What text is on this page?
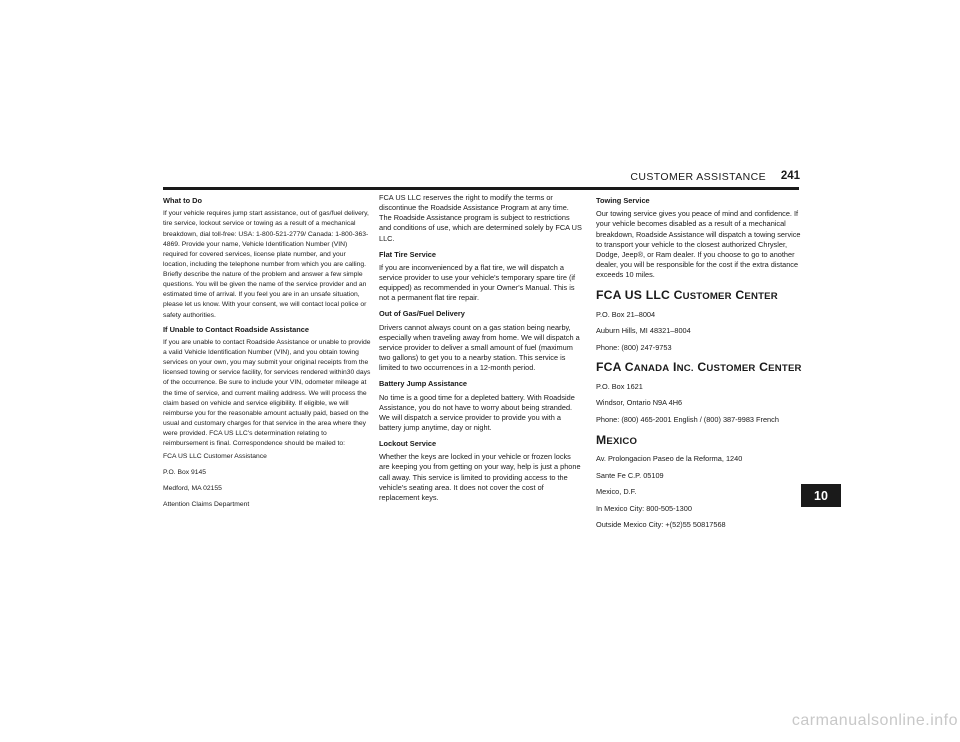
CUSTOMER ASSISTANCE	241
What to Do

If your vehicle requires jump start assistance, out of gas/fuel delivery, tire service, lockout service or towing as a result of a mechanical breakdown, dial toll-free: USA: 1-800-521-2779/ Canada: 1-800-363-4869. Provide your name, Vehicle Identification Number (VIN) required for covered services, license plate number, and your location, including the telephone number from which you are calling. Briefly describe the nature of the problem and answer a few simple questions. You will be given the name of the service provider and an estimated time of arrival. If you feel you are in an unsafe situation, please let us know. With your consent, we will contact local police or safety authorities.

If Unable to Contact Roadside Assistance

If you are unable to contact Roadside Assistance or unable to provide a valid Vehicle Identification Number (VIN), and you obtain towing services on your own, you may submit your original receipts from the licensed towing or service facility, for services rendered within30 days of the occurrence. Be sure to include your VIN, odometer mileage at the time of service, and current mailing address. We will process the claim based on vehicle and service eligibility. If eligible, we will reimburse you for the reasonable amount actually paid, based on the usual and customary charges for that service in the area where they were provided. FCA US LLC's determination relating to reimbursement is final. Correspondence should be mailed to:

FCA US LLC Customer Assistance

P.O. Box 9145

Medford, MA 02155

Attention Claims Department

FCA US LLC reserves the right to modify the terms or discontinue the Roadside Assistance Program at any time. The Roadside Assistance program is subject to restrictions and conditions of use, which are determined solely by FCA US LLC.

Flat Tire Service

If you are inconvenienced by a flat tire, we will dispatch a service provider to use your vehicle's temporary spare tire (if equipped) as recommended in your Owner's Manual. This is not a permanent flat tire repair.

Out of Gas/Fuel Delivery

Drivers cannot always count on a gas station being nearby, especially when traveling away from home. We will dispatch a service provider to deliver a small amount of fuel (maximum two gallons) to get you to a nearby station. This service is limited to two occurrences in a 12-month period.

Battery Jump Assistance

No time is a good time for a depleted battery. With Roadside Assistance, you do not have to worry about being stranded. We will dispatch a service provider to provide you with a battery jump anytime, day or night.

Lockout Service

Whether the keys are locked in your vehicle or frozen locks are keeping you from getting on your way, help is just a phone call away. This service is limited to providing access to the vehicle's seating area. It does not cover the cost of replacement keys.

Towing Service

Our towing service gives you peace of mind and confidence. If your vehicle becomes disabled as a result of a mechanical breakdown, Roadside Assistance will dispatch a towing service to transport your vehicle to the closest authorized Chrysler, Dodge, Jeep®, or Ram dealer. If you choose to go to another dealer, you will be responsible for the cost if the extra distance exceeds 10 miles.

FCA US LLC CUSTOMER CENTER

P.O. Box 21–8004

Auburn Hills, MI 48321–8004

Phone: (800) 247-9753

FCA CANADA INC. CUSTOMER CENTER

P.O. Box 1621

Windsor, Ontario N9A 4H6

Phone: (800) 465-2001 English / (800) 387-9983 French

MEXICO

Av. Prolongacion Paseo de la Reforma, 1240

Sante Fe C.P. 05109

Mexico, D.F.

In Mexico City: 800-505-1300

Outside Mexico City: +(52)55 50817568

10
carmanualsonline.info
